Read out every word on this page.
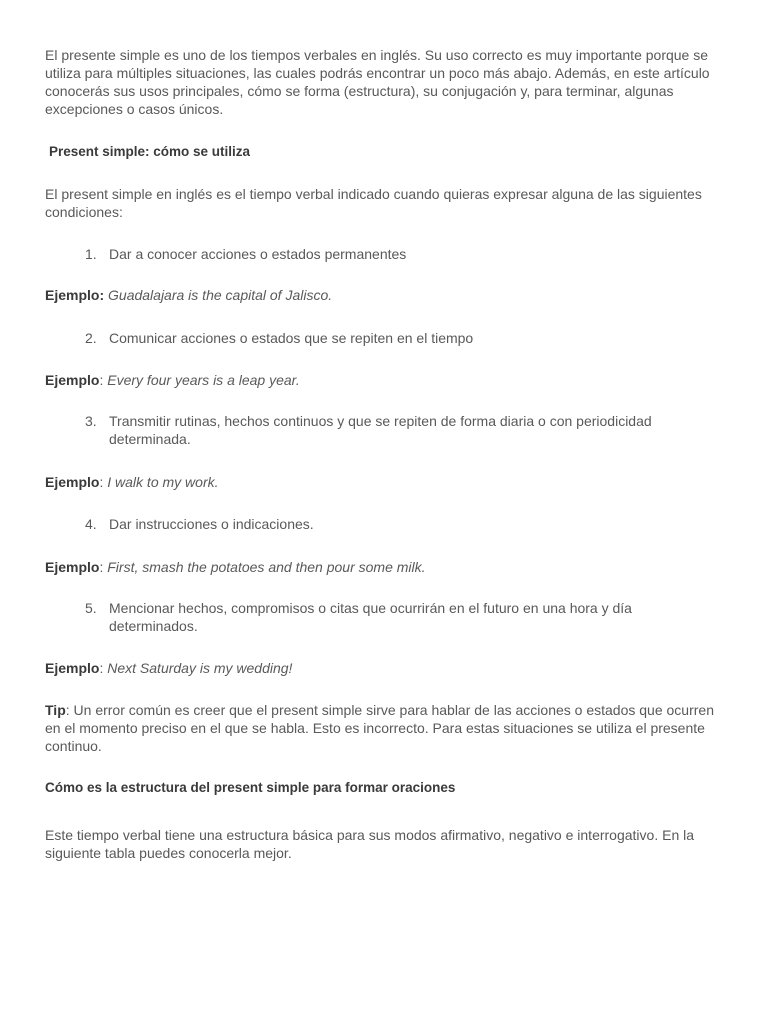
El presente simple es uno de los tiempos verbales en inglés. Su uso correcto es muy importante porque se utiliza para múltiples situaciones, las cuales podrás encontrar un poco más abajo. Además, en este artículo conocerás sus usos principales, cómo se forma (estructura), su conjugación y, para terminar, algunas excepciones o casos únicos.

Present simple: cómo se utiliza

El present simple en inglés es el tiempo verbal indicado cuando quieras expresar alguna de las siguientes condiciones:

1. Dar a conocer acciones o estados permanentes

Ejemplo: Guadalajara is the capital of Jalisco.

2. Comunicar acciones o estados que se repiten en el tiempo

Ejemplo: Every four years is a leap year.

3. Transmitir rutinas, hechos continuos y que se repiten de forma diaria o con periodicidad determinada.

Ejemplo: I walk to my work.

4. Dar instrucciones o indicaciones.

Ejemplo: First, smash the potatoes and then pour some milk.

5. Mencionar hechos, compromisos o citas que ocurrirán en el futuro en una hora y día determinados.

Ejemplo: Next Saturday is my wedding!

Tip: Un error común es creer que el present simple sirve para hablar de las acciones o estados que ocurren en el momento preciso en el que se habla. Esto es incorrecto. Para estas situaciones se utiliza el presente continuo.

Cómo es la estructura del present simple para formar oraciones

Este tiempo verbal tiene una estructura básica para sus modos afirmativo, negativo e interrogativo. En la siguiente tabla puedes conocerla mejor.
